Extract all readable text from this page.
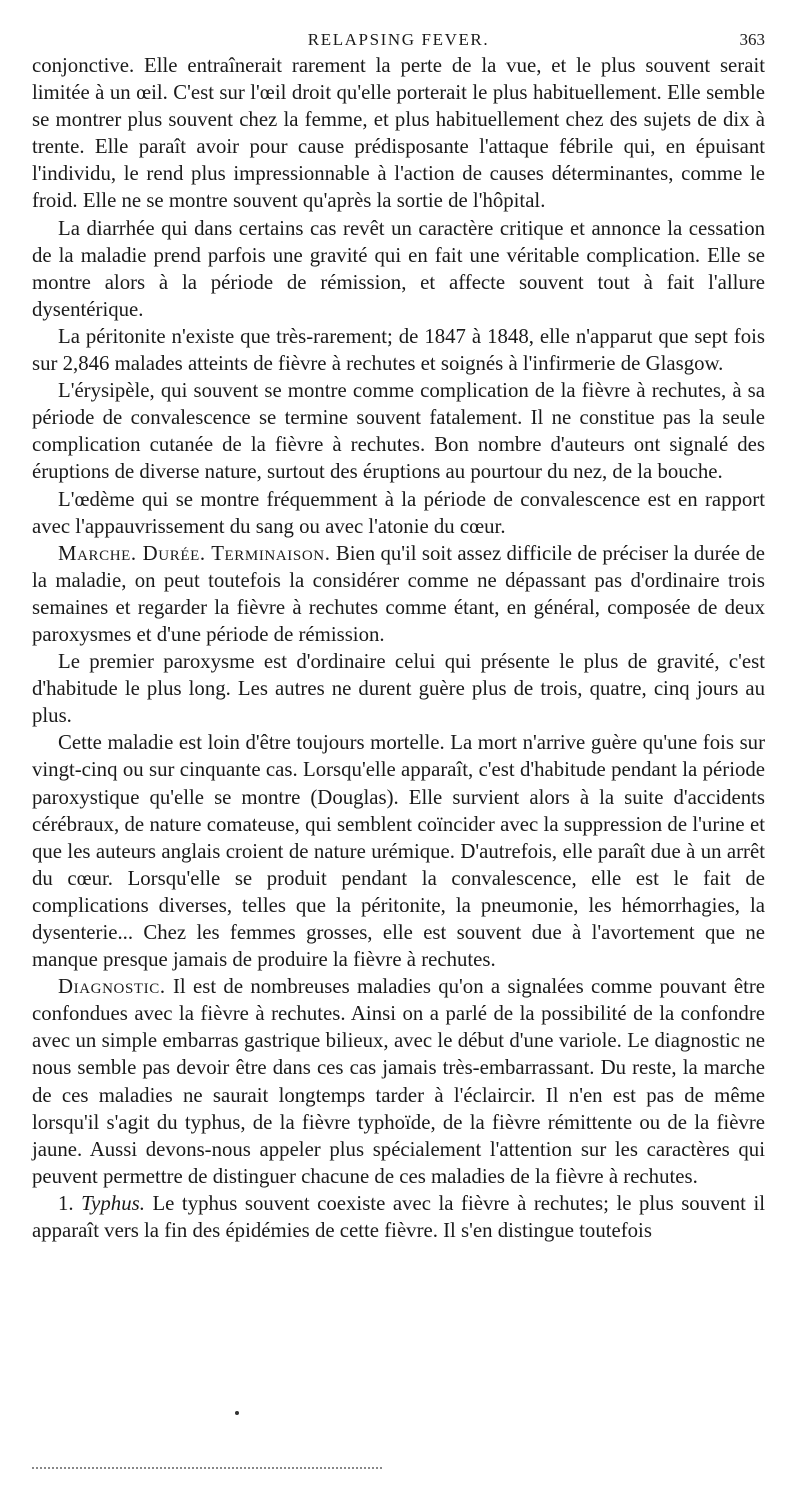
RELAPSING FEVER.	363

conjonctive. Elle entraînerait rarement la perte de la vue, et le plus souvent serait limitée à un œil. C'est sur l'œil droit qu'elle porterait le plus habituellement. Elle semble se montrer plus souvent chez la femme, et plus habituellement chez des sujets de dix à trente. Elle paraît avoir pour cause prédisposante l'attaque fébrile qui, en épuisant l'individu, le rend plus impressionnable à l'action de causes déterminantes, comme le froid. Elle ne se montre souvent qu'après la sortie de l'hôpital.

La diarrhée qui dans certains cas revêt un caractère critique et annonce la cessation de la maladie prend parfois une gravité qui en fait une véritable complication. Elle se montre alors à la période de rémission, et affecte souvent tout à fait l'allure dysentérique.

La péritonite n'existe que très-rarement; de 1847 à 1848, elle n'apparut que sept fois sur 2,846 malades atteints de fièvre à rechutes et soignés à l'infirmerie de Glasgow.

L'érysipèle, qui souvent se montre comme complication de la fièvre à rechutes, à sa période de convalescence se termine souvent fatalement. Il ne constitue pas la seule complication cutanée de la fièvre à rechutes. Bon nombre d'auteurs ont signalé des éruptions de diverse nature, surtout des éruptions au pourtour du nez, de la bouche.

L'œdème qui se montre fréquemment à la période de convalescence est en rapport avec l'appauvrissement du sang ou avec l'atonie du cœur.

Marche. Durée. Terminaison. Bien qu'il soit assez difficile de préciser la durée de la maladie, on peut toutefois la considérer comme ne dépassant pas d'ordinaire trois semaines et regarder la fièvre à rechutes comme étant, en général, composée de deux paroxysmes et d'une période de rémission.

Le premier paroxysme est d'ordinaire celui qui présente le plus de gravité, c'est d'habitude le plus long. Les autres ne durent guère plus de trois, quatre, cinq jours au plus.

Cette maladie est loin d'être toujours mortelle. La mort n'arrive guère qu'une fois sur vingt-cinq ou sur cinquante cas. Lorsqu'elle apparaît, c'est d'habitude pendant la période paroxystique qu'elle se montre (Douglas). Elle survient alors à la suite d'accidents cérébraux, de nature comateuse, qui semblent coïncider avec la suppression de l'urine et que les auteurs anglais croient de nature urémique. D'autrefois, elle paraît due à un arrêt du cœur. Lorsqu'elle se produit pendant la convalescence, elle est le fait de complications diverses, telles que la péritonite, la pneumonie, les hémorrhagies, la dysenterie... Chez les femmes grosses, elle est souvent due à l'avortement que ne manque presque jamais de produire la fièvre à rechutes.

Diagnostic. Il est de nombreuses maladies qu'on a signalées comme pouvant être confondues avec la fièvre à rechutes. Ainsi on a parlé de la possibilité de la confondre avec un simple embarras gastrique bilieux, avec le début d'une variole. Le diagnostic ne nous semble pas devoir être dans ces cas jamais très-embarrassant. Du reste, la marche de ces maladies ne saurait longtemps tarder à l'éclaircir. Il n'en est pas de même lorsqu'il s'agit du typhus, de la fièvre typhoïde, de la fièvre rémittente ou de la fièvre jaune. Aussi devons-nous appeler plus spécialement l'attention sur les caractères qui peuvent permettre de distinguer chacune de ces maladies de la fièvre à rechutes.

1. Typhus. Le typhus souvent coexiste avec la fièvre à rechutes; le plus souvent il apparaît vers la fin des épidémies de cette fièvre. Il s'en distingue toutefois
